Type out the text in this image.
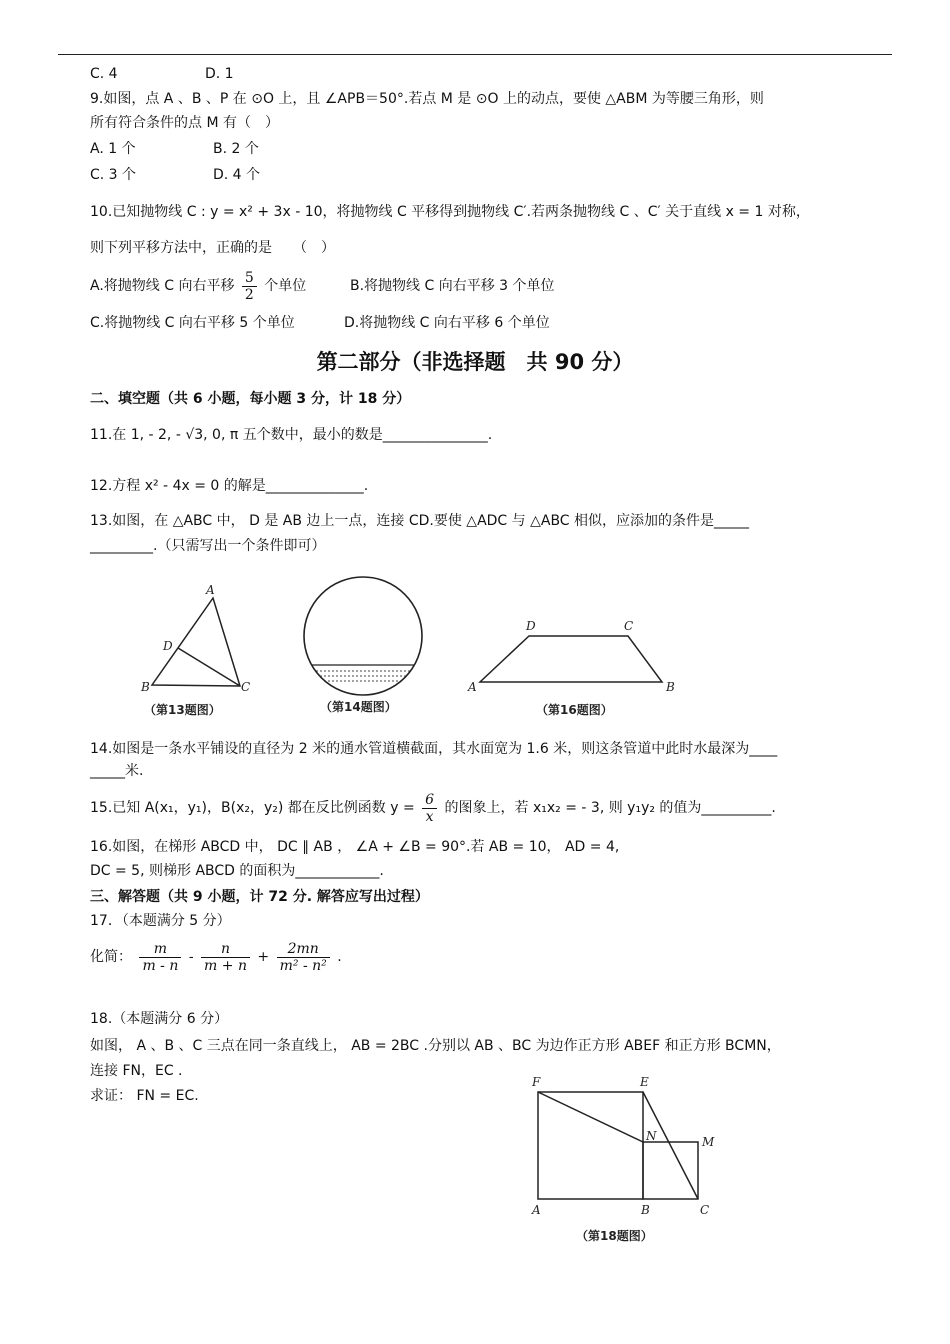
C. 4	D. 1
9.如图，点 A 、B 、P 在 ⊙O 上，且 ∠APB＝50°.若点 M 是 ⊙O 上的动点，要使 △ABM 为等腰三角形，则
所有符合条件的点 M 有（　）
A. 1 个	B. 2 个
C. 3 个	D. 4 个
10.已知抛物线 C : y = x² + 3x - 10，将抛物线 C 平移得到抛物线 C′.若两条抛物线 C 、C′ 关于直线 x = 1 对称，
则下列平移方法中，正确的是　　（　）
A.将抛物线 C 向右平移 $\frac{5}{2}$ 个单位	B.将抛物线 C 向右平移 3 个单位
C.将抛物线 C 向右平移 5 个单位	D.将抛物线 C 向右平移 6 个单位
第二部分（非选择题　共 90 分）
二、填空题（共 6 小题，每小题 3 分，计 18 分）
11.在 1, - 2, - √3, 0, π 五个数中，最小的数是_______________.
12.方程 x² - 4x = 0 的解是______________.
13.如图，在 △ABC 中， D 是 AB 边上一点，连接 CD.要使 △ADC 与 △ABC 相似，应添加的条件是_____
_________.（只需写出一个条件即可）
A
D
B	C
（第13题图）	（第14题图）
D	C
A	B
（第16题图）
14.如图是一条水平铺设的直径为 2 米的通水管道横截面，其水面宽为 1.6 米，则这条管道中此时水最深为____
_____米.
15.已知 A(x₁，y₁)，B(x₂，y₂) 都在反比例函数 $y = \frac{6}{x}$ 的图象上，若 x₁x₂ = - 3, 则 y₁y₂ 的值为__________.
16.如图，在梯形 ABCD 中， DC ∥ AB ， ∠A + ∠B = 90°.若 AB = 10， AD = 4,
DC = 5, 则梯形 ABCD 的面积为____________.
三、解答题（共 9 小题，计 72 分. 解答应写出过程）
17．（本题满分 5 分）
化简： $\frac{m}{m - n} - \frac{n}{m + n} + \frac{2mn}{\text{m² - n²}}$ .
18.（本题满分 6 分）
如图， A 、B 、C 三点在同一条直线上， AB = 2BC .分别以 AB 、BC 为边作正方形 ABEF 和正方形 BCMN，
连接 FN，EC .
求证： FN = EC.
F	E
N	M
A	B	C
（第18题图）
